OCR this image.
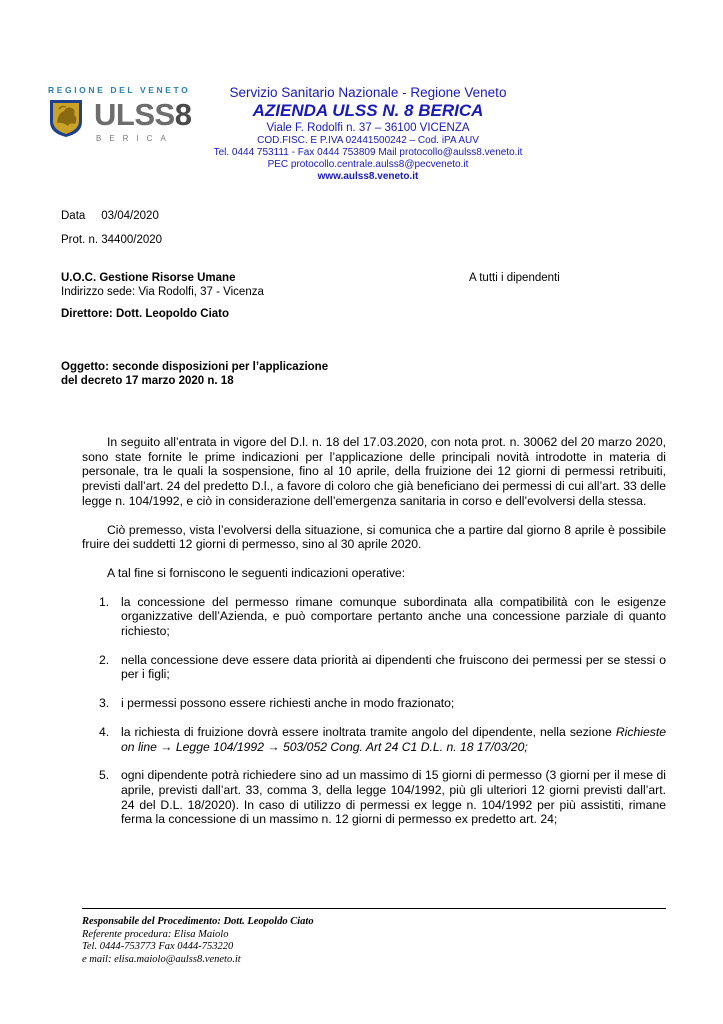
REGIONE DEL VENETO
ULSS8
BERICA
Servizio Sanitario Nazionale - Regione Veneto
AZIENDA ULSS N. 8 BERICA
Viale F. Rodolfi n. 37 – 36100 VICENZA
COD.FISC. E P.IVA 02441500242 – Cod. iPA AUV
Tel. 0444 753111 - Fax 0444 753809 Mail protocollo@aulss8.veneto.it
PEC protocollo.centrale.aulss8@pecveneto.it
www.aulss8.veneto.it
Data 03/04/2020
Prot. n. 34400/2020
U.O.C. Gestione Risorse Umane
Indirizzo sede: Via Rodolfi, 37 - Vicenza
Direttore: Dott. Leopoldo Ciato
A tutti i dipendenti
Oggetto: seconde disposizioni per l’applicazione
del decreto 17 marzo 2020 n. 18

In seguito all’entrata in vigore del D.l. n. 18 del 17.03.2020, con nota prot. n. 30062 del 20 marzo 2020, sono state fornite le prime indicazioni per l’applicazione delle principali novità introdotte in materia di personale, tra le quali la sospensione, fino al 10 aprile, della fruizione dei 12 giorni di permessi retribuiti, previsti dall’art. 24 del predetto D.l., a favore di coloro che già beneficiano dei permessi di cui all’art. 33 delle legge n. 104/1992, e ciò in considerazione dell’emergenza sanitaria in corso e dell’evolversi della stessa.

Ciò premesso, vista l’evolversi della situazione, si comunica che a partire dal giorno 8 aprile è possibile fruire dei suddetti 12 giorni di permesso, sino al 30 aprile 2020.

A tal fine si forniscono le seguenti indicazioni operative:

1. la concessione del permesso rimane comunque subordinata alla compatibilità con le esigenze organizzative dell’Azienda, e può comportare pertanto anche una concessione parziale di quanto richiesto;
2. nella concessione deve essere data priorità ai dipendenti che fruiscono dei permessi per se stessi o per i figli;
3. i permessi possono essere richiesti anche in modo frazionato;
4. la richiesta di fruizione dovrà essere inoltrata tramite angolo del dipendente, nella sezione Richieste on line → Legge 104/1992 → 503/052 Cong. Art 24 C1 D.L. n. 18 17/03/20;
5. ogni dipendente potrà richiedere sino ad un massimo di 15 giorni di permesso (3 giorni per il mese di aprile, previsti dall’art. 33, comma 3, della legge 104/1992, più gli ulteriori 12 giorni previsti dall’art. 24 del D.L. 18/2020). In caso di utilizzo di permessi ex legge n. 104/1992 per più assistiti, rimane ferma la concessione di un massimo n. 12 giorni di permesso ex predetto art. 24;
Responsabile del Procedimento: Dott. Leopoldo Ciato
Referente procedura: Elisa Maiolo
Tel. 0444-753773 Fax 0444-753220
e mail: elisa.maiolo@aulss8.veneto.it
